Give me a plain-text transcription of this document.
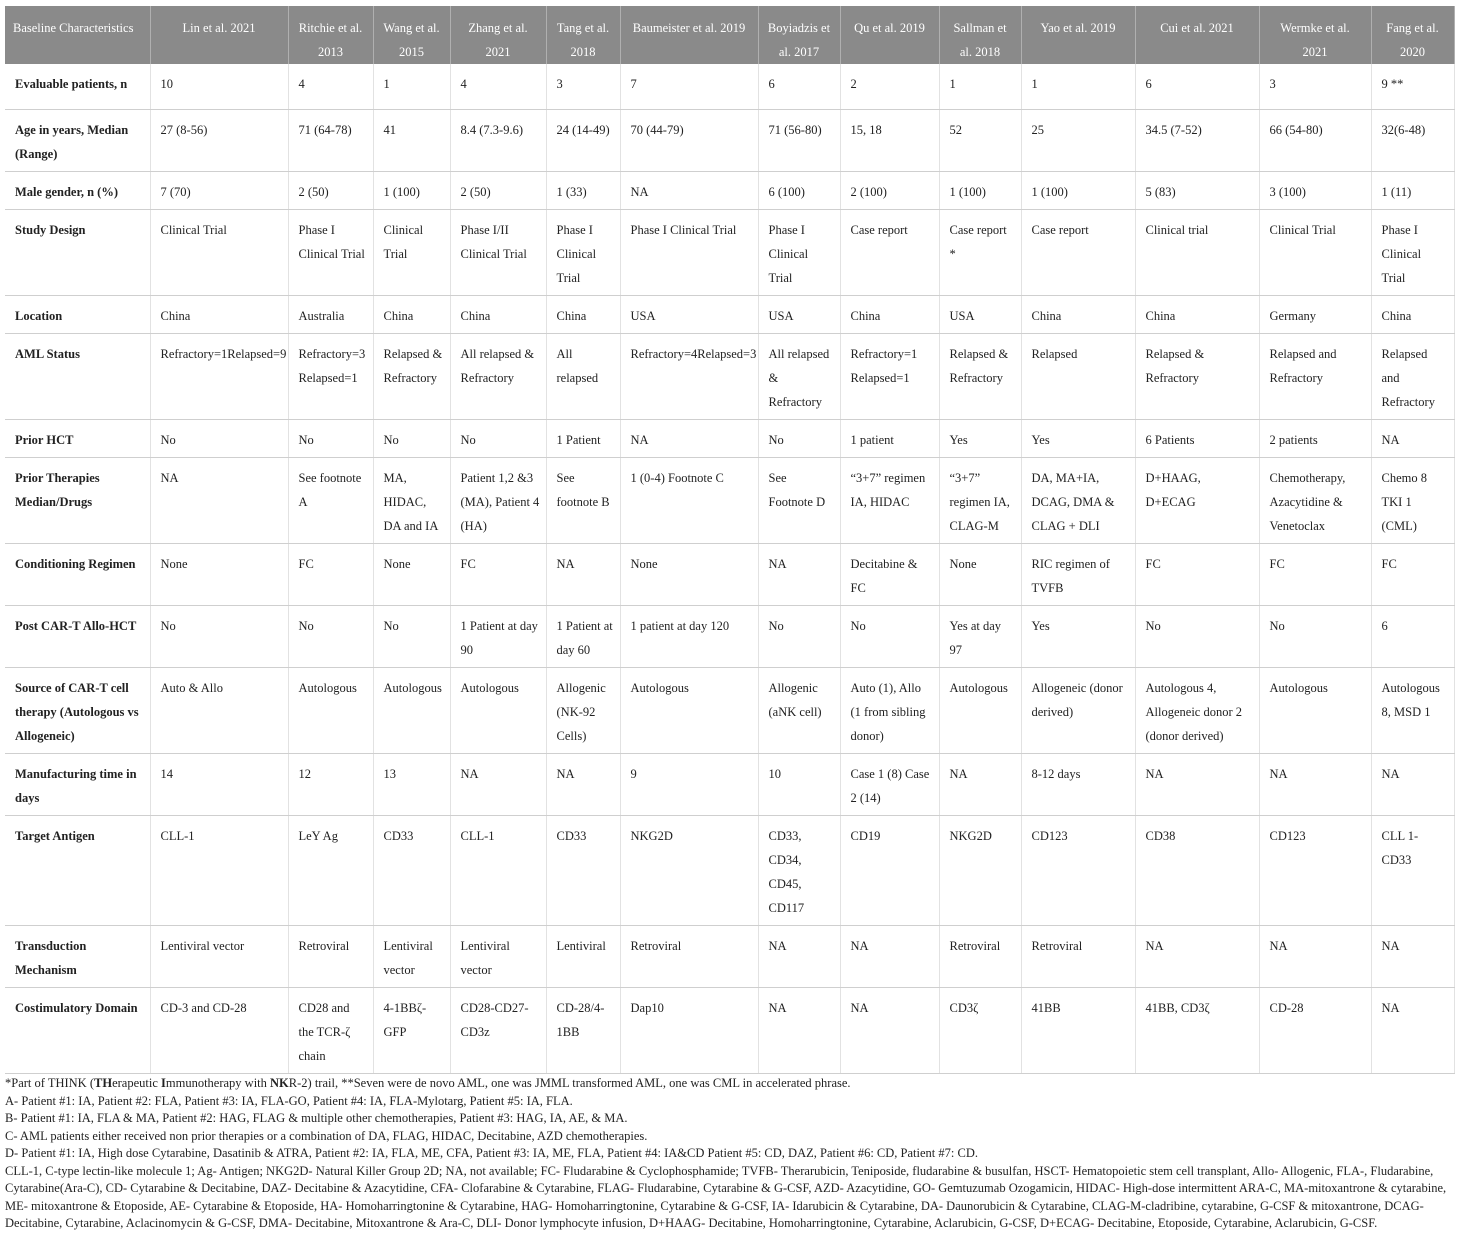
Baseline Characteristics	Lin et al. 2021	Ritchie et al. 2013	Wang et al. 2015	Zhang et al. 2021	Tang et al. 2018	Baumeister et al. 2019	Boyiadzis et al. 2017	Qu et al. 2019	Sallman et al. 2018	Yao et al. 2019	Cui et al. 2021	Wermke et al. 2021	Fang et al. 2020
Evaluable patients, n	10	4	1	4	3	7	6	2	1	1	6	3	9 **
Age in years, Median (Range)	27 (8-56)	71 (64-78)	41	8.4 (7.3-9.6)	24 (14-49)	70 (44-79)	71 (56-80)	15, 18	52	25	34.5 (7-52)	66 (54-80)	32(6-48)
Male gender, n (%)	7 (70)	2 (50)	1 (100)	2 (50)	1 (33)	NA	6 (100)	2 (100)	1 (100)	1 (100)	5 (83)	3 (100)	1 (11)
Study Design	Clinical Trial	Phase I Clinical Trial	Clinical Trial	Phase I/II Clinical Trial	Phase I Clinical Trial	Phase I Clinical Trial	Phase I Clinical Trial	Case report	Case report *	Case report	Clinical trial	Clinical Trial	Phase I Clinical Trial
Location	China	Australia	China	China	China	USA	USA	China	USA	China	China	Germany	China
AML Status	Refractory=1Relapsed=9	Refractory=3 Relapsed=1	Relapsed & Refractory	All relapsed & Refractory	All relapsed	Refractory=4Relapsed=3	All relapsed & Refractory	Refractory=1 Relapsed=1	Relapsed & Refractory	Relapsed	Relapsed & Refractory	Relapsed and Refractory	Relapsed and Refractory
Prior HCT	No	No	No	No	1 Patient	NA	No	1 patient	Yes	Yes	6 Patients	2 patients	NA
Prior Therapies Median/Drugs	NA	See footnote A	MA, HIDAC, DA and IA	Patient 1,2 &3 (MA), Patient 4 (HA)	See footnote B	1 (0-4) Footnote C	See Footnote D	“3+7” regimen IA, HIDAC	“3+7” regimen IA, CLAG-M	DA, MA+IA, DCAG, DMA & CLAG + DLI	D+HAAG, D+ECAG	Chemotherapy, Azacytidine & Venetoclax	Chemo 8 TKI 1 (CML)
Conditioning Regimen	None	FC	None	FC	NA	None	NA	Decitabine & FC	None	RIC regimen of TVFB	FC	FC	FC
Post CAR-T Allo-HCT	No	No	No	1 Patient at day 90	1 Patient at day 60	1 patient at day 120	No	No	Yes at day 97	Yes	No	No	6
Source of CAR-T cell therapy (Autologous vs Allogeneic)	Auto & Allo	Autologous	Autologous	Autologous	Allogenic (NK-92 Cells)	Autologous	Allogenic (aNK cell)	Auto (1), Allo (1 from sibling donor)	Autologous	Allogeneic (donor derived)	Autologous 4, Allogeneic donor 2 (donor derived)	Autologous	Autologous 8, MSD 1
Manufacturing time in days	14	12	13	NA	NA	9	10	Case 1 (8) Case 2 (14)	NA	8-12 days	NA	NA	NA
Target Antigen	CLL-1	LeY Ag	CD33	CLL-1	CD33	NKG2D	CD33, CD34, CD45, CD117	CD19	NKG2D	CD123	CD38	CD123	CLL 1- CD33
Transduction Mechanism	Lentiviral vector	Retroviral	Lentiviral vector	Lentiviral vector	Lentiviral	Retroviral	NA	NA	Retroviral	Retroviral	NA	NA	NA
Costimulatory Domain	CD-3 and CD-28	CD28 and the TCR-ζ chain	4-1BBζ-GFP	CD28-CD27-CD3z	CD-28/4-1BB	Dap10	NA	NA	CD3ζ	41BB	41BB, CD3ζ	CD-28	NA
*Part of THINK (THerapeutic Immunotherapy with NKR-2) trail, **Seven were de novo AML, one was JMML transformed AML, one was CML in accelerated phrase.
A- Patient #1: IA, Patient #2: FLA, Patient #3: IA, FLA-GO, Patient #4: IA, FLA-Mylotarg, Patient #5: IA, FLA.
B- Patient #1: IA, FLA & MA, Patient #2: HAG, FLAG & multiple other chemotherapies, Patient #3: HAG, IA, AE, & MA.
C- AML patients either received non prior therapies or a combination of DA, FLAG, HIDAC, Decitabine, AZD chemotherapies.
D- Patient #1: IA, High dose Cytarabine, Dasatinib & ATRA, Patient #2: IA, FLA, ME, CFA, Patient #3: IA, ME, FLA, Patient #4: IA&CD Patient #5: CD, DAZ, Patient #6: CD, Patient #7: CD.
CLL-1, C-type lectin-like molecule 1; Ag- Antigen; NKG2D- Natural Killer Group 2D; NA, not available; FC- Fludarabine & Cyclophosphamide; TVFB- Therarubicin, Teniposide, fludarabine & busulfan, HSCT- Hematopoietic stem cell transplant, Allo- Allogenic, FLA-, Fludarabine, Cytarabine(Ara-C), CD- Cytarabine & Decitabine, DAZ- Decitabine & Azacytidine, CFA- Clofarabine & Cytarabine, FLAG- Fludarabine, Cytarabine & G-CSF, AZD- Azacytidine, GO- Gemtuzumab Ozogamicin, HIDAC- High-dose intermittent ARA-C, MA-mitoxantrone & cytarabine, ME- mitoxantrone & Etoposide, AE- Cytarabine & Etoposide, HA- Homoharringtonine & Cytarabine, HAG- Homoharringtonine, Cytarabine & G-CSF, IA- Idarubicin & Cytarabine, DA- Daunorubicin & Cytarabine, CLAG-M-cladribine, cytarabine, G-CSF & mitoxantrone, DCAG- Decitabine, Cytarabine, Aclacinomycin & G-CSF, DMA- Decitabine, Mitoxantrone & Ara-C, DLI- Donor lymphocyte infusion, D+HAAG- Decitabine, Homoharringtonine, Cytarabine, Aclarubicin, G-CSF, D+ECAG- Decitabine, Etoposide, Cytarabine, Aclarubicin, G-CSF.
